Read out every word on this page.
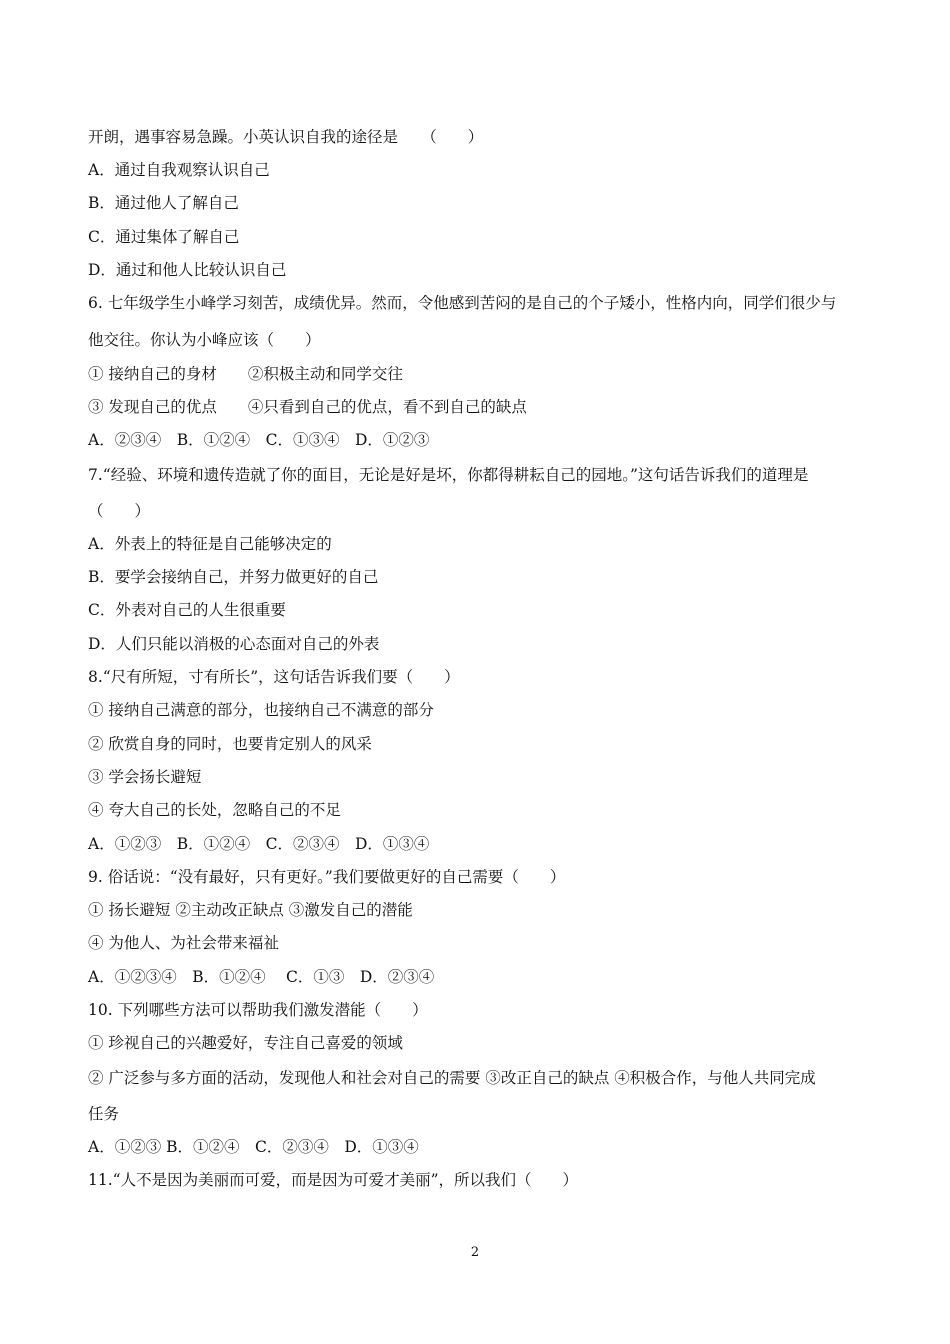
开朗，遇事容易急躁。小英认识自我的途径是　　（　　）
A．通过自我观察认识自己
B．通过他人了解自己
C．通过集体了解自己
D．通过和他人比较认识自己
6. 七年级学生小峰学习刻苦，成绩优异。然而，令他感到苦闷的是自己的个子矮小，性格内向，同学们很少与
他交往。你认为小峰应该（　　）
① 接纳自己的身材　　②积极主动和同学交往
③ 发现自己的优点　　④只看到自己的优点，看不到自己的缺点
A．②③④　B．①②④　C．①③④　D．①②③
7.“经验、环境和遗传造就了你的面目，无论是好是坏，你都得耕耘自己的园地。”这句话告诉我们的道理是
（　　）
A．外表上的特征是自己能够决定的
B．要学会接纳自己，并努力做更好的自己
C．外表对自己的人生很重要
D．人们只能以消极的心态面对自己的外表
8.“尺有所短，寸有所长”，这句话告诉我们要（　　）
① 接纳自己满意的部分，也接纳自己不满意的部分
② 欣赏自身的同时，也要肯定别人的风采
③ 学会扬长避短
④ 夸大自己的长处，忽略自己的不足
A．①②③　B．①②④　C．②③④　D．①③④
9. 俗话说：“没有最好，只有更好。”我们要做更好的自己需要（　　）
① 扬长避短 ②主动改正缺点 ③激发自己的潜能
④ 为他人、为社会带来福祉
A．①②③④　B．①②④　 C．①③　D．②③④
10. 下列哪些方法可以帮助我们激发潜能（　　）
① 珍视自己的兴趣爱好，专注自己喜爱的领域
② 广泛参与多方面的活动，发现他人和社会对自己的需要 ③改正自己的缺点 ④积极合作，与他人共同完成
任务
A．①②③ B．①②④　C．②③④　D．①③④
11.“人不是因为美丽而可爱，而是因为可爱才美丽”，所以我们（　　）
2
